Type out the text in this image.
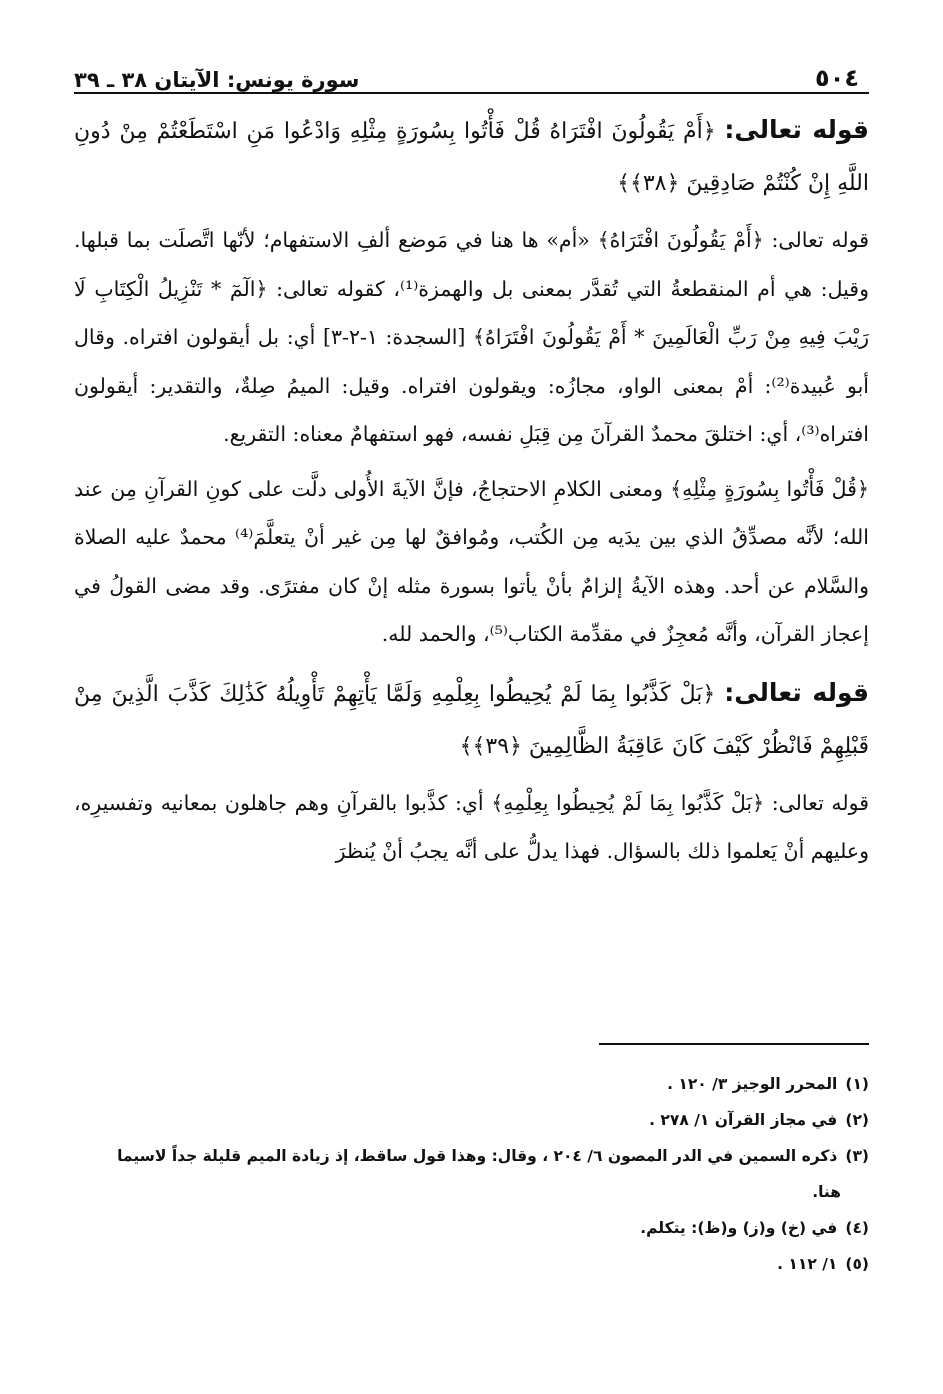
٥٠٤
سورة يونس: الآيتان ٣٨ ـ ٣٩

قوله تعالى: ﴿أَمْ يَقُولُونَ افْتَرَاهُ قُلْ فَأْتُوا بِسُورَةٍ مِثْلِهِ وَادْعُوا مَنِ اسْتَطَعْتُمْ مِنْ دُونِ اللَّهِ إِنْ كُنْتُمْ صَادِقِينَ ﴿٣٨﴾﴾

قوله تعالى: ﴿أَمْ يَقُولُونَ افْتَرَاهُ﴾ «أم» ها هنا في مَوضع ألفِ الاستفهام؛ لأنّها اتَّصلَت بما قبلها. وقيل: هي أم المنقطعةُ التي تُقدَّر بمعنى بل والهمزة⁽¹⁾، كقوله تعالى: ﴿الٓمٓ * تَنْزِيلُ الْكِتَابِ لَا رَيْبَ فِيهِ مِنْ رَبِّ الْعَالَمِينَ * أَمْ يَقُولُونَ افْتَرَاهُ﴾ [السجدة: ١-٢-٣] أي: بل أيقولون افتراه. وقال أبو عُبيدة⁽²⁾: أمْ بمعنى الواو، مجازُه: ويقولون افتراه. وقيل: الميمُ صِلةٌ، والتقدير: أيقولون افتراه⁽³⁾، أي: اختلقَ محمدٌ القرآنَ مِن قِبَلِ نفسه، فهو استفهامٌ معناه: التقريع.

﴿قُلْ فَأْتُوا بِسُورَةٍ مِثْلِهِ﴾ ومعنى الكلامِ الاحتجاجُ، فإنَّ الآيةَ الأُولى دلَّت على كونِ القرآنِ مِن عند الله؛ لأنَّه مصدِّقُ الذي بين يدَيه مِن الكُتب، ومُوافقٌ لها مِن غير أنْ يتعلَّمَ⁽⁴⁾ محمدٌ عليه الصلاة والسَّلام عن أحد. وهذه الآيةُ إلزامٌ بأنْ يأتوا بسورة مثله إنْ كان مفترًى. وقد مضى القولُ في إعجاز القرآن، وأنَّه مُعجِزٌ في مقدِّمة الكتاب⁽⁵⁾، والحمد لله.

قوله تعالى: ﴿بَلْ كَذَّبُوا بِمَا لَمْ يُحِيطُوا بِعِلْمِهِ وَلَمَّا يَأْتِهِمْ تَأْوِيلُهُ كَذَٰلِكَ كَذَّبَ الَّذِينَ مِنْ قَبْلِهِمْ فَانْظُرْ كَيْفَ كَانَ عَاقِبَةُ الظَّالِمِينَ ﴿٣٩﴾﴾

قوله تعالى: ﴿بَلْ كَذَّبُوا بِمَا لَمْ يُحِيطُوا بِعِلْمِهِ﴾ أي: كذَّبوا بالقرآنِ وهم جاهلون بمعانيه وتفسيرِه، وعليهم أنْ يَعلموا ذلك بالسؤال. فهذا يدلُّ على أنَّه يجبُ أنْ يُنظرَ

(١)المحرر الوجيز ٣/ ١٢٠ .

(٢)في مجاز القرآن ١/ ٢٧٨ .

(٣)ذكره السمين في الدر المصون ٦/ ٢٠٤ ، وقال: وهذا قول ساقط، إذ زيادة الميم قليلة جداً لاسيما

هنا.

(٤)في (خ) و(ز) و(ظ): يتكلم.

(٥)١/ ١١٢ .
